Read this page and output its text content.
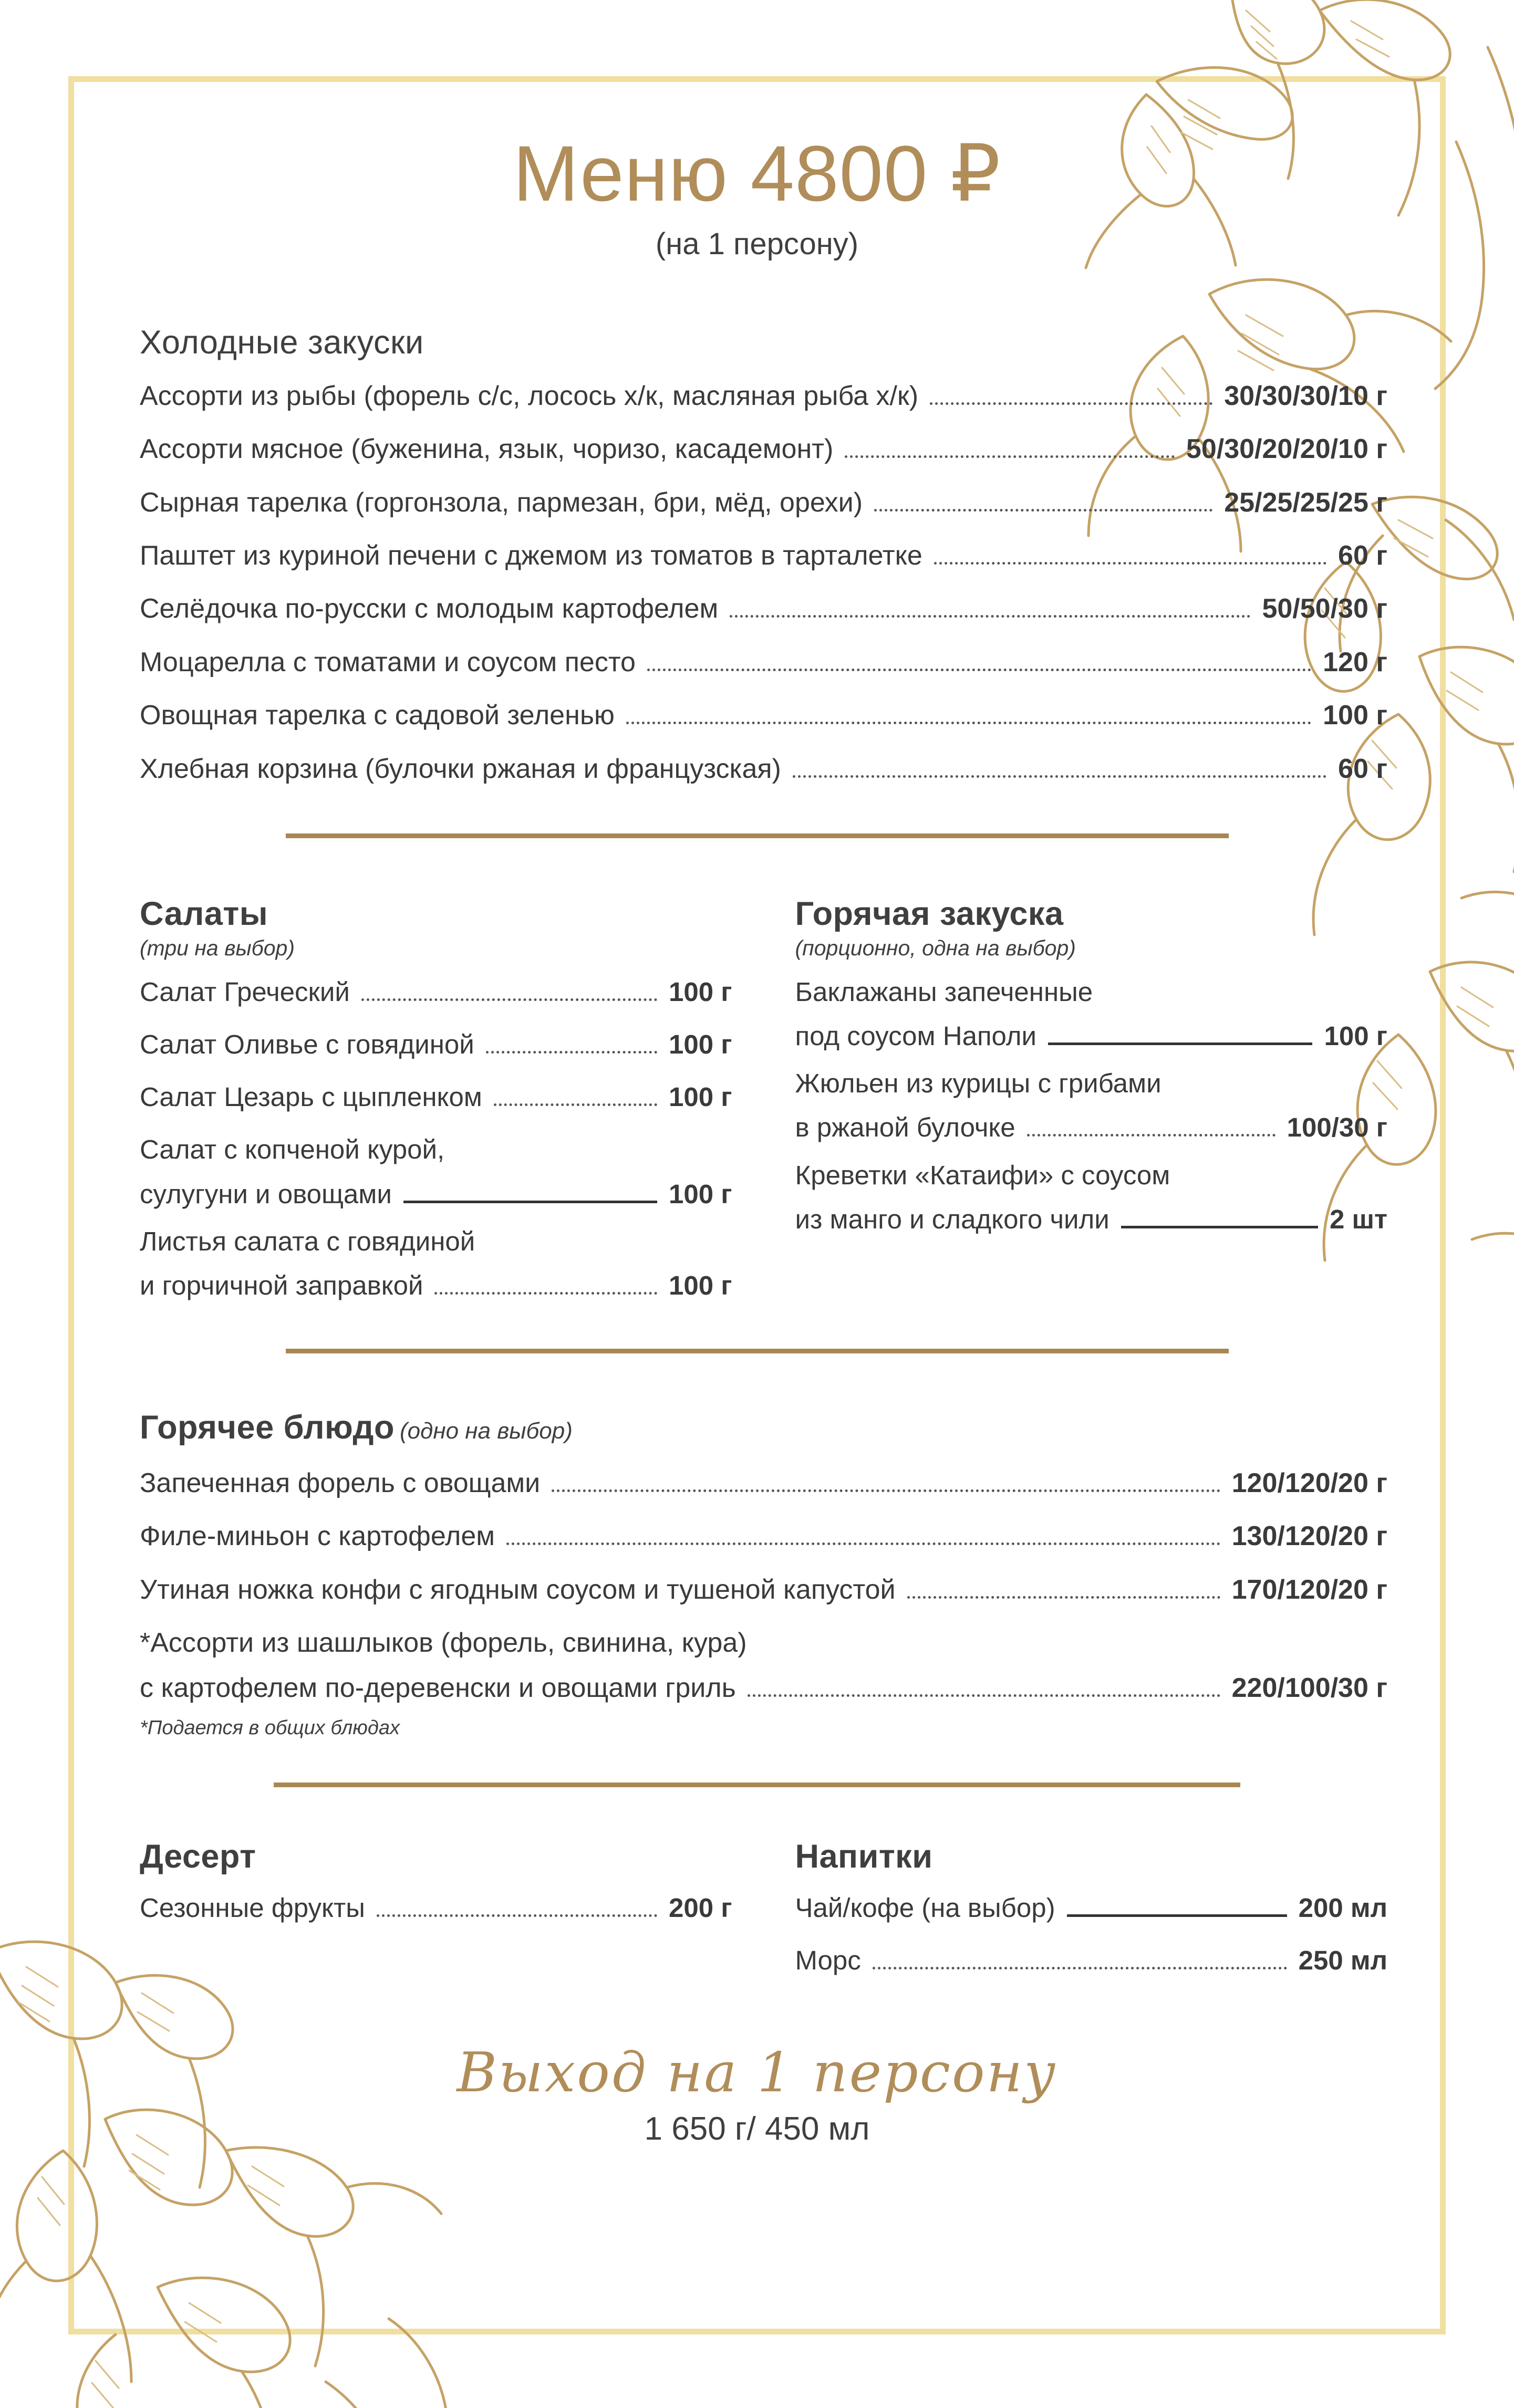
Меню 4800 ₽
(на 1 персону)
Холодные закуски
Ассорти из рыбы (форель с/с, лосось х/к, масляная рыба х/к)	30/30/30/10 г
Ассорти мясное (буженина, язык, чоризо, касадемонт)	50/30/20/20/10 г
Сырная тарелка (горгонзола, пармезан, бри, мёд, орехи)	25/25/25/25 г
Паштет из куриной печени с джемом из томатов в тарталетке	60 г
Селёдочка по-русски с молодым картофелем	50/50/30 г
Моцарелла с томатами и соусом песто	120 г
Овощная тарелка с садовой зеленью	100 г
Хлебная корзина (булочки ржаная и французская)	60 г
Салаты
(три на выбор)
Салат Греческий	100 г
Салат Оливье с говядиной	100 г
Салат Цезарь с цыпленком	100 г
Салат с копченой курой,
сулугуни и овощами	100 г
Листья салата с говядиной
и горчичной заправкой	100 г
Горячая закуска
(порционно, одна на выбор)
Баклажаны запеченные
под соусом Наполи	100 г
Жюльен из курицы с грибами
в ржаной булочке	100/30 г
Креветки «Катаифи» с соусом
из манго и сладкого чили	2 шт
Горячее блюдо (одно на выбор)
Запеченная форель с овощами	120/120/20 г
Филе-миньон с картофелем	130/120/20 г
Утиная ножка конфи с ягодным соусом и тушеной капустой	170/120/20 г
*Ассорти из шашлыков (форель, свинина, кура)
с картофелем по-деревенски и овощами гриль	220/100/30 г
*Подается в общих блюдах
Десерт
Сезонные фрукты	200 г
Напитки
Чай/кофе (на выбор)	200 мл
Морс	250 мл
Выход на 1 персону
1 650 г/ 450 мл
